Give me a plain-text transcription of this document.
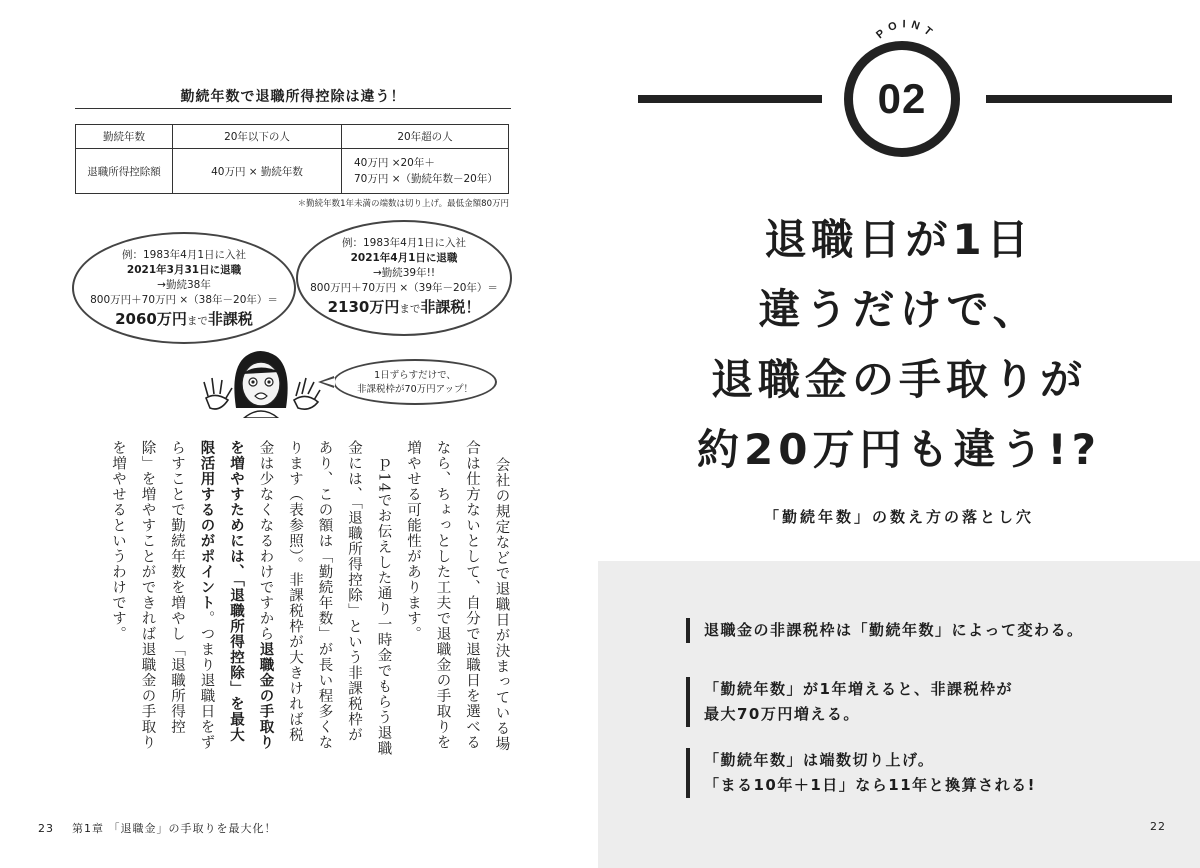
勤続年数で退職所得控除は違う！
勤続年数	20年以下の人	20年超の人
退職所得控除額	40万円 × 勤続年数	40万円 ×20年＋
70万円 ×（勤続年数－20年）
＊勤続年数1年未満の端数は切り上げ。最低金額80万円
例：1983年4月1日に入社
2021年3月31日に退職
→勤続38年
800万円＋70万円 ×（38年－20年）＝
2060万円まで非課税
例：1983年4月1日に入社
2021年4月1日に退職
→勤続39年!!
800万円＋70万円 ×（39年－20年）＝
2130万円まで非課税！
1日ずらすだけで、
非課税枠が70万円アップ！
会社の規定などで退職日が決まっている場
合は仕方ないとして、自分で退職日を選べる
なら、ちょっとした工夫で退職金の手取りを
増やせる可能性があります。
ｐ14でお伝えした通り一時金でもらう退職
金には、「退職所得控除」という非課税枠が
あり、この額は「勤続年数」が長い程多くな
ります（表参照）。非課税枠が大きければ税
金は少なくなるわけですから退職金の手取り
を増やすためには、「退職所得控除」を最大
限活用するのがポイント。つまり退職日をず
らすことで勤続年数を増やし「退職所得控
除」を増やすことができれば退職金の手取り
を増やせるというわけです。
23 第1章 「退職金」の手取りを最大化！
POINT
02
退職日が1日
違うだけで、
退職金の手取りが
約20万円も違う!?
「勤続年数」の数え方の落とし穴
退職金の非課税枠は「勤続年数」によって変わる。
「勤続年数」が1年増えると、非課税枠が
最大70万円増える。
「勤続年数」は端数切り上げ。
「まる10年＋1日」なら11年と換算される!
22
